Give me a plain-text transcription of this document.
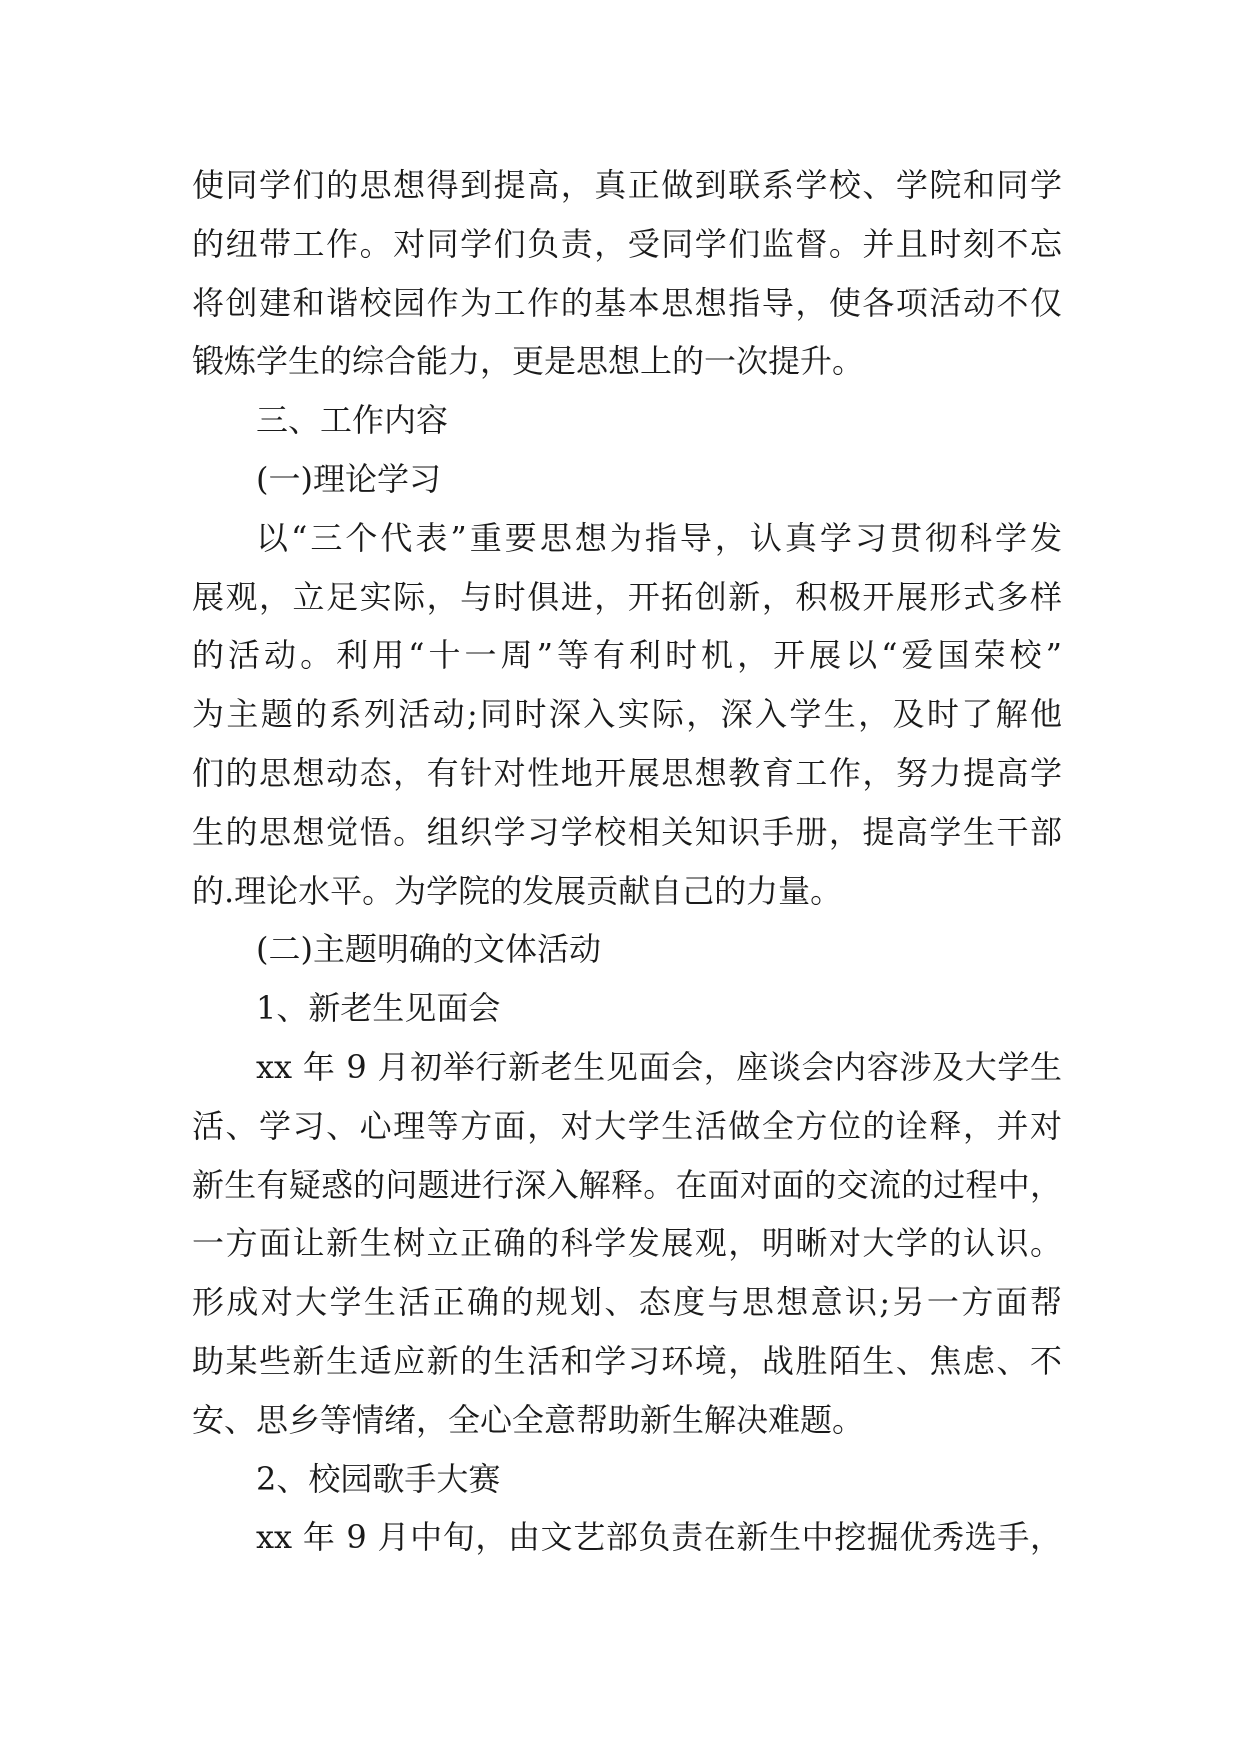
使同学们的思想得到提高，真正做到联系学校、学院和同学
的纽带工作。对同学们负责，受同学们监督。并且时刻不忘
将创建和谐校园作为工作的基本思想指导，使各项活动不仅
锻炼学生的综合能力，更是思想上的一次提升。
三、工作内容
(一)理论学习
以“三个代表”重要思想为指导，认真学习贯彻科学发
展观，立足实际，与时俱进，开拓创新，积极开展形式多样
的活动。利用“十一周”等有利时机，开展以“爱国荣校”
为主题的系列活动;同时深入实际，深入学生，及时了解他
们的思想动态，有针对性地开展思想教育工作，努力提高学
生的思想觉悟。组织学习学校相关知识手册，提高学生干部
的.理论水平。为学院的发展贡献自己的力量。
(二)主题明确的文体活动
1、新老生见面会
xx 年 9 月初举行新老生见面会，座谈会内容涉及大学生
活、学习、心理等方面，对大学生活做全方位的诠释，并对
新生有疑惑的问题进行深入解释。在面对面的交流的过程中，
一方面让新生树立正确的科学发展观，明晰对大学的认识。
形成对大学生活正确的规划、态度与思想意识;另一方面帮
助某些新生适应新的生活和学习环境，战胜陌生、焦虑、不
安、思乡等情绪，全心全意帮助新生解决难题。
2、校园歌手大赛
xx 年 9 月中旬，由文艺部负责在新生中挖掘优秀选手，
